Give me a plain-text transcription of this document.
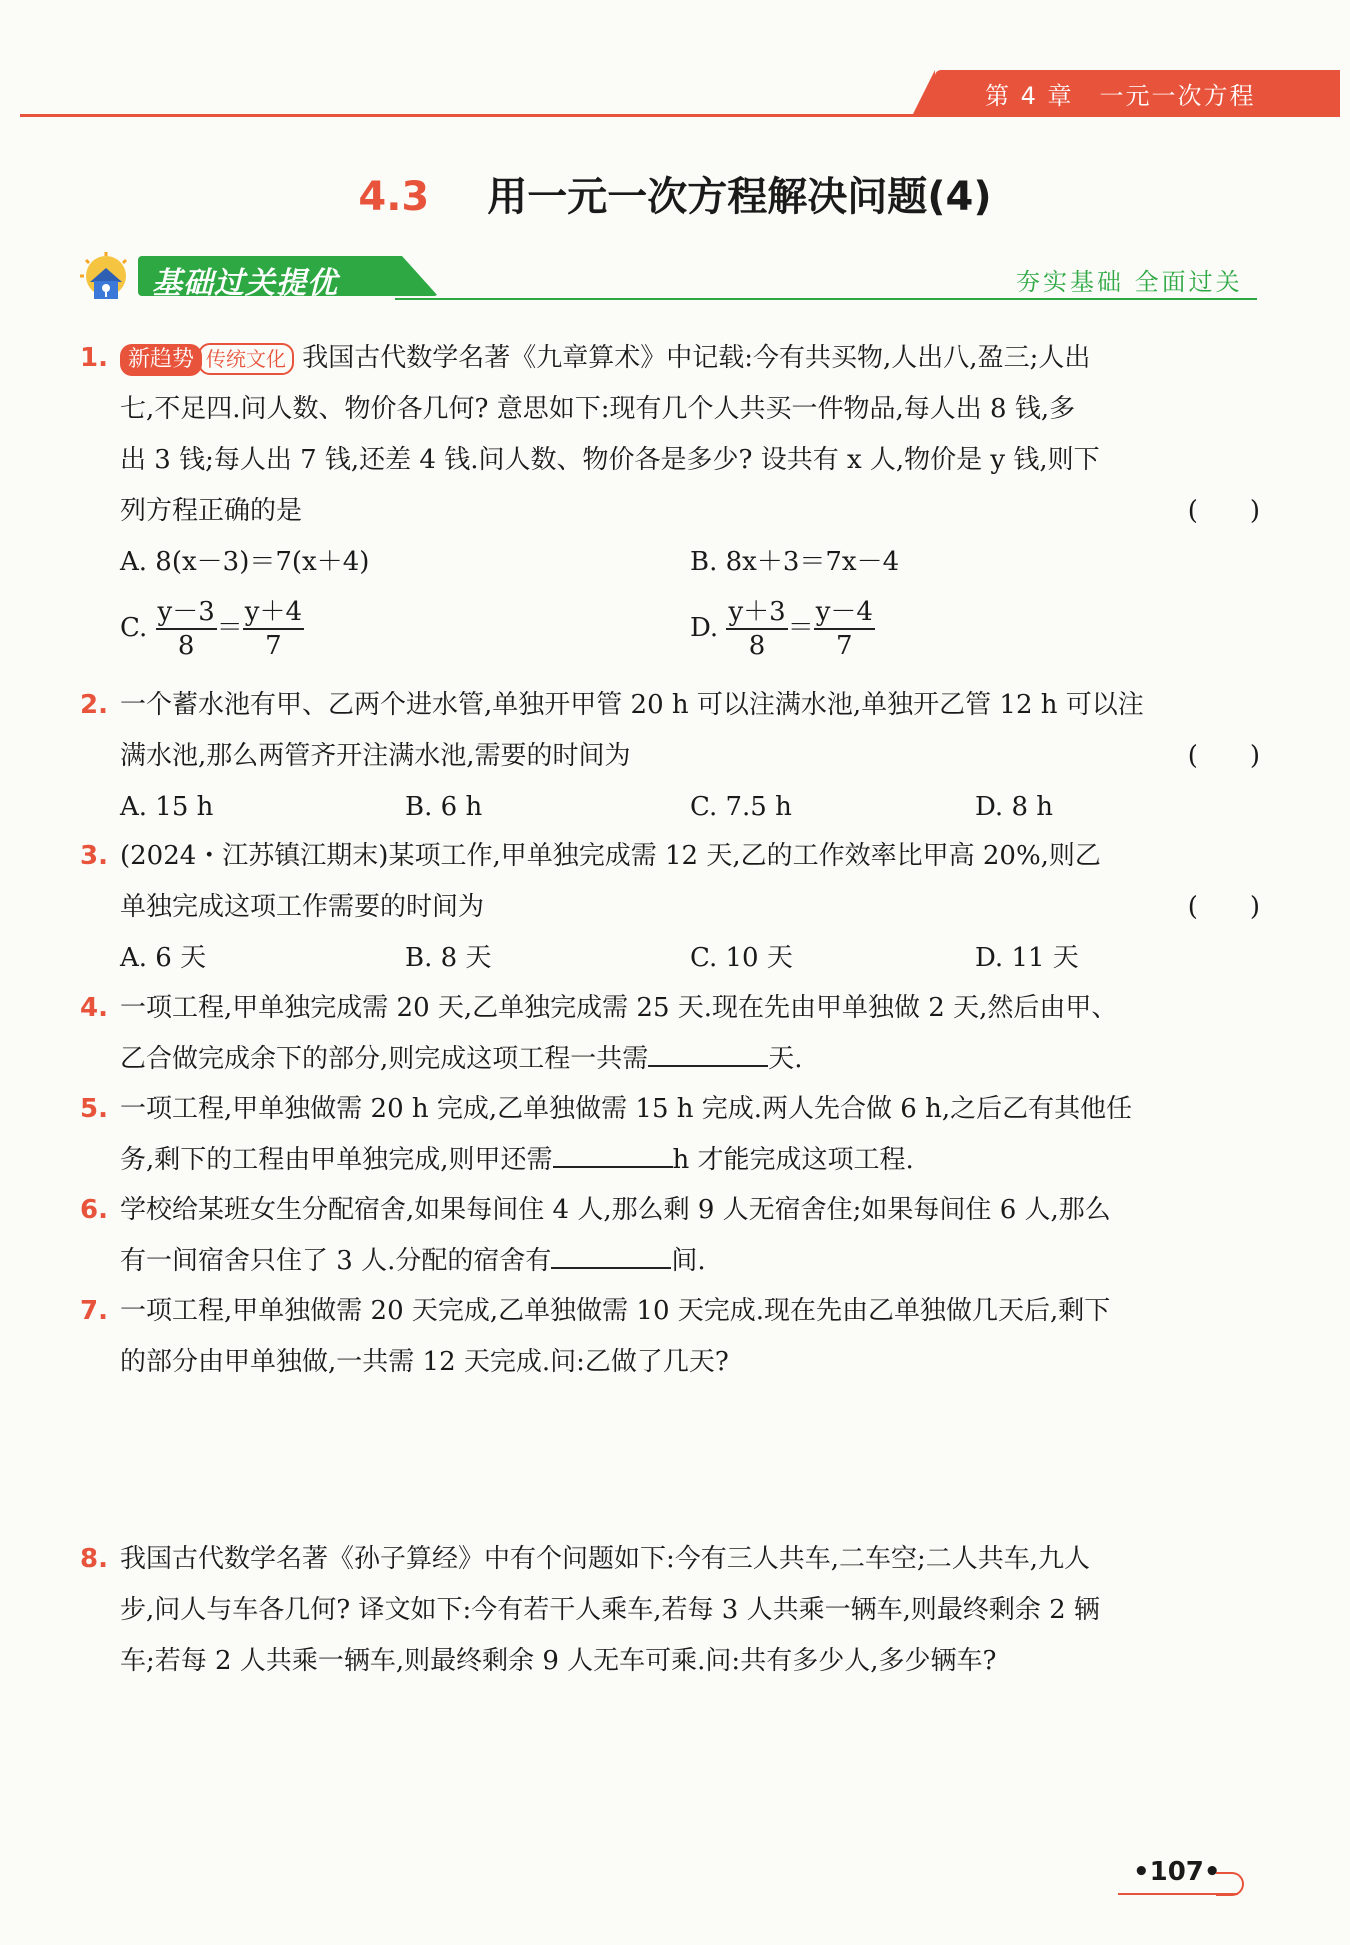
第 4 章 一元一次方程
4.3 用一元一次方程解决问题(4)
基础过关提优	夯实基础 全面过关
1. 新趋势 传统文化 我国古代数学名著《九章算术》中记载:今有共买物,人出八,盈三;人出
七,不足四.问人数、物价各几何? 意思如下:现有几个人共买一件物品,每人出 8 钱,多
出 3 钱;每人出 7 钱,还差 4 钱.问人数、物价各是多少? 设共有 x 人,物价是 y 钱,则下
列方程正确的是	(　　)
A. 8(x－3)＝7(x＋4)	B. 8x＋3＝7x－4
C. $\frac{y-3}{8} = \frac{y+4}{7}$	D. $\frac{y+3}{8} = \frac{y-4}{7}$
2. 一个蓄水池有甲、乙两个进水管,单独开甲管 20 h 可以注满水池,单独开乙管 12 h 可以注
满水池,那么两管齐开注满水池,需要的时间为	(　　)
A. 15 h	B. 6 h	C. 7.5 h	D. 8 h
3. (2024・江苏镇江期末)某项工作,甲单独完成需 12 天,乙的工作效率比甲高 20%,则乙
单独完成这项工作需要的时间为	(　　)
A. 6 天	B. 8 天	C. 10 天	D. 11 天
4. 一项工程,甲单独完成需 20 天,乙单独完成需 25 天.现在先由甲单独做 2 天,然后由甲、
乙合做完成余下的部分,则完成这项工程一共需	天.
5. 一项工程,甲单独做需 20 h 完成,乙单独做需 15 h 完成.两人先合做 6 h,之后乙有其他任
务,剩下的工程由甲单独完成,则甲还需	h 才能完成这项工程.
6. 学校给某班女生分配宿舍,如果每间住 4 人,那么剩 9 人无宿舍住;如果每间住 6 人,那么
有一间宿舍只住了 3 人.分配的宿舍有	间.
7. 一项工程,甲单独做需 20 天完成,乙单独做需 10 天完成.现在先由乙单独做几天后,剩下
的部分由甲单独做,一共需 12 天完成.问:乙做了几天?
8. 我国古代数学名著《孙子算经》中有个问题如下:今有三人共车,二车空;二人共车,九人
步,问人与车各几何? 译文如下:今有若干人乘车,若每 3 人共乘一辆车,则最终剩余 2 辆
车;若每 2 人共乘一辆车,则最终剩余 9 人无车可乘.问:共有多少人,多少辆车?
•107•
